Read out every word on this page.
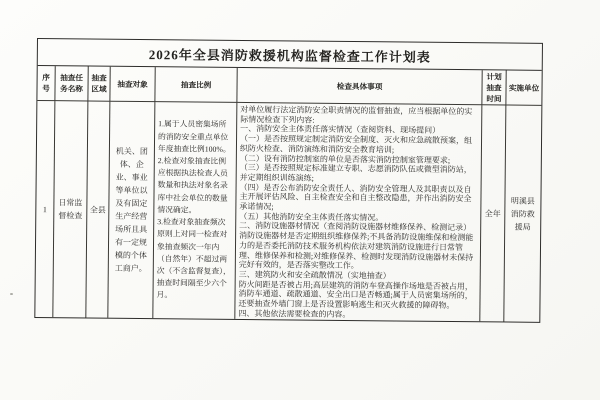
2026年全县消防救援机构监督检查工作计划表
序号
抽查任务名称
抽查区域
抽查对象	抽查比例	检查具体事项
计划抽查时间
实施单位
1
日常监督检查
全县
机关、团体、企业、事业等单位以及有固定生产经营场所且具有一定规模的个体工商户。
1.属于人员密集场所的消防安全重点单位年度抽查比例100%。
2.检查对象抽查比例应根据执法检查人员数量和执法对象名录库中社会单位的数量情况确定。
3.检查对象抽查频次原则上对同一检查对象抽查频次一年内（自然年）不超过两次（不含监督复查），抽查时间隔至少六个月。
对单位履行法定消防安全职责情况的监督抽查，应当根据单位的实际情况检查下列内容:
一、消防安全主体责任落实情况（查阅资料、现场提问）
（一）是否按照规定制定消防安全制度、灭火和应急疏散预案，组织防火检查、消防演练和消防安全教育培训;
（二）设有消防控制室的单位是否落实消防控制室管理要求;
（三）是否按照规定标准建立专职、志愿消防队伍或微型消防站，并定期组织训练演练;
（四）是否公布消防安全责任人、消防安全管理人及其职责以及自主开展评估风险、自主检查安全和自主整改隐患，并作出消防安全承诺情况;
（五）其他消防安全主体责任落实情况。
二、消防设施器材情况（查阅消防设施器材维修保养、检测记录）
消防设施器材是否定期组织维修保养;不具备消防设施维保和检测能力的是否委托消防技术服务机构依法对建筑消防设施进行日常管理、维修保养和检测;对维修保养、检测时发现消防设施器材未保持完好有效的，是否落实整改工作。
三、建筑防火和安全疏散情况（实地抽查）
防火间距是否被占用;高层建筑的消防车登高操作场地是否被占用，消防车通道、疏散通道、安全出口是否畅通;属于人员密集场所的，还要抽查外墙门窗上是否设置影响逃生和灭火救援的障碍物。
四、其他依法需要检查的内容。
全年
明溪县消防救援局
